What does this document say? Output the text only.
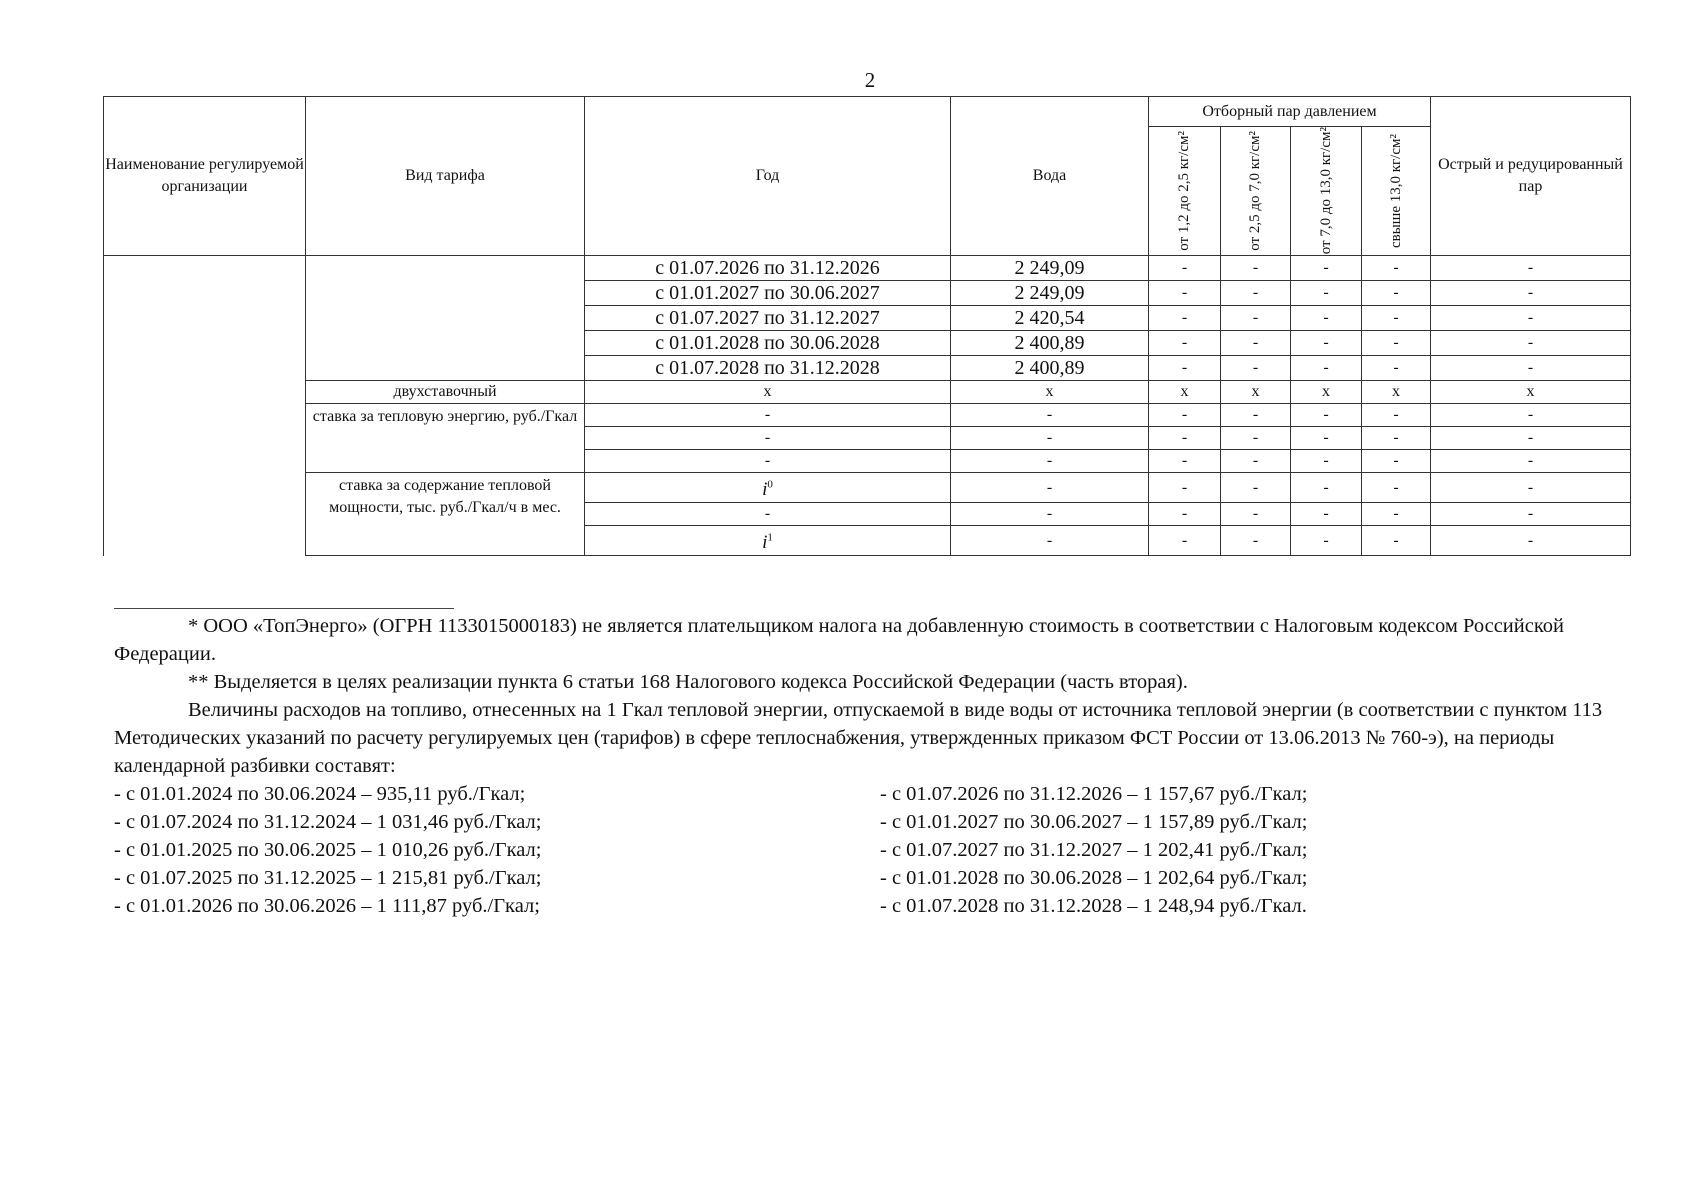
2
Наименование регулируемой организации	Вид тарифа	Год	Вода	Отборный пар давлением				Острый и редуцированный пар

				от 1,2 до 2,5 кг/см²	от 2,5 до 7,0 кг/см²	от 7,0 до 13,0 кг/см²	свыше 13,0 кг/см²	

		с 01.07.2026 по 31.12.2026	2 249,09	-	-	-	-	-
		с 01.01.2027 по 30.06.2027	2 249,09	-	-	-	-	-
		с 01.07.2027 по 31.12.2027	2 420,54	-	-	-	-	-
		с 01.01.2028 по 30.06.2028	2 400,89	-	-	-	-	-
		с 01.07.2028 по 31.12.2028	2 400,89	-	-	-	-	-
	двухставочный	х	х	х	х	х	х	х
	ставка за тепловую энергию, руб./Гкал	-	-	-	-	-	-	-
		-	-	-	-	-	-	-
		-	-	-	-	-	-	-
	ставка за содержание тепловой мощности, тыс. руб./Гкал/ч в мес.	$i^0$	-	-	-	-	-	-
		-	-	-	-	-	-	-
		$i^1$	-	-	-	-	-	-

* ООО «ТопЭнерго» (ОГРН 1133015000183) не является плательщиком налога на добавленную стоимость в соответствии с Налоговым кодексом Российской Федерации.

** Выделяется в целях реализации пункта 6 статьи 168 Налогового кодекса Российской Федерации (часть вторая).

Величины расходов на топливо, отнесенных на 1 Гкал тепловой энергии, отпускаемой в виде воды от источника тепловой энергии (в соответствии с пунктом 113 Методических указаний по расчету регулируемых цен (тарифов) в сфере теплоснабжения, утвержденных приказом ФСТ России от 13.06.2013 № 760-э), на периоды календарной разбивки составят:

- с 01.01.2024 по 30.06.2024 – 935,11 руб./Гкал;

- с 01.07.2024 по 31.12.2024 – 1 031,46 руб./Гкал;

- с 01.01.2025 по 30.06.2025 – 1 010,26 руб./Гкал;

- с 01.07.2025 по 31.12.2025 – 1 215,81 руб./Гкал;

- с 01.01.2026 по 30.06.2026 – 1 111,87 руб./Гкал;

- с 01.07.2026 по 31.12.2026 – 1 157,67 руб./Гкал;

- с 01.01.2027 по 30.06.2027 – 1 157,89 руб./Гкал;

- с 01.07.2027 по 31.12.2027 – 1 202,41 руб./Гкал;

- с 01.01.2028 по 30.06.2028 – 1 202,64 руб./Гкал;

- с 01.07.2028 по 31.12.2028 – 1 248,94 руб./Гкал.
